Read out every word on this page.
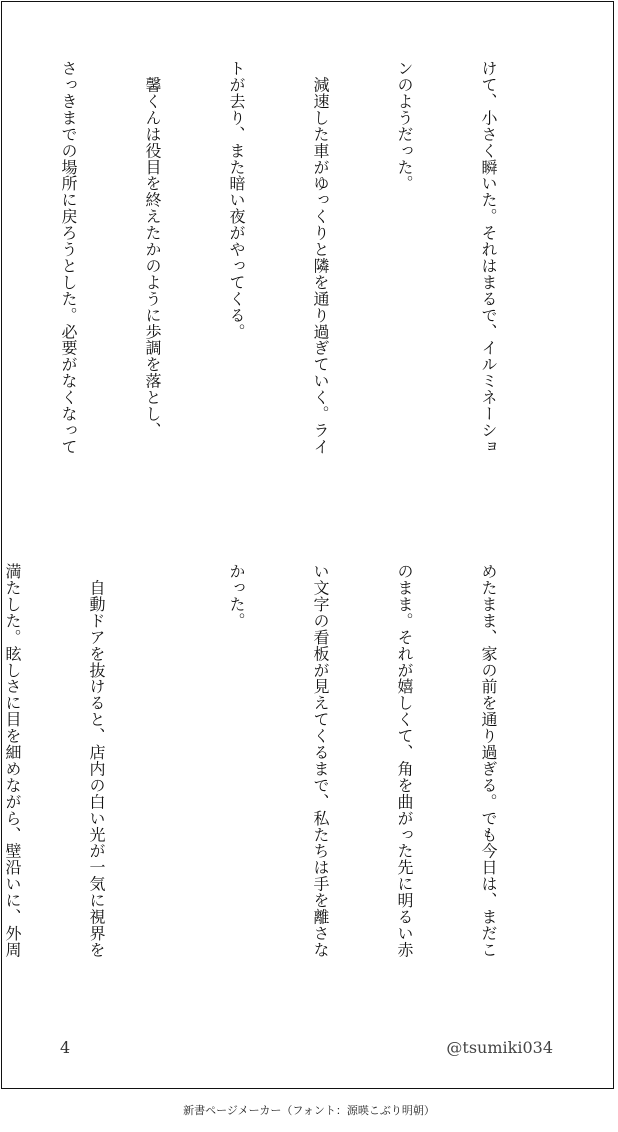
けて、小さく瞬いた。それはまるで、イルミネーショ

ンのようだった。

　減速した車がゆっくりと隣を通り過ぎていく。ライ

トが去り、また暗い夜がやってくる。

　馨くんは役目を終えたかのように歩調を落とし、

さっきまでの場所に戻ろうとした。必要がなくなって

めたまま、家の前を通り過ぎる。でも今日は、まだこ

のまま。それが嬉しくて、角を曲がった先に明るい赤

い文字の看板が見えてくるまで、私たちは手を離さな

かった。

　自動ドアを抜けると、店内の白い光が一気に視界を

満たした。眩しさに目を細めながら、壁沿いに、外周

4	@tsumiki034
新書ページメーカー（フォント：源暎こぶり明朝）
